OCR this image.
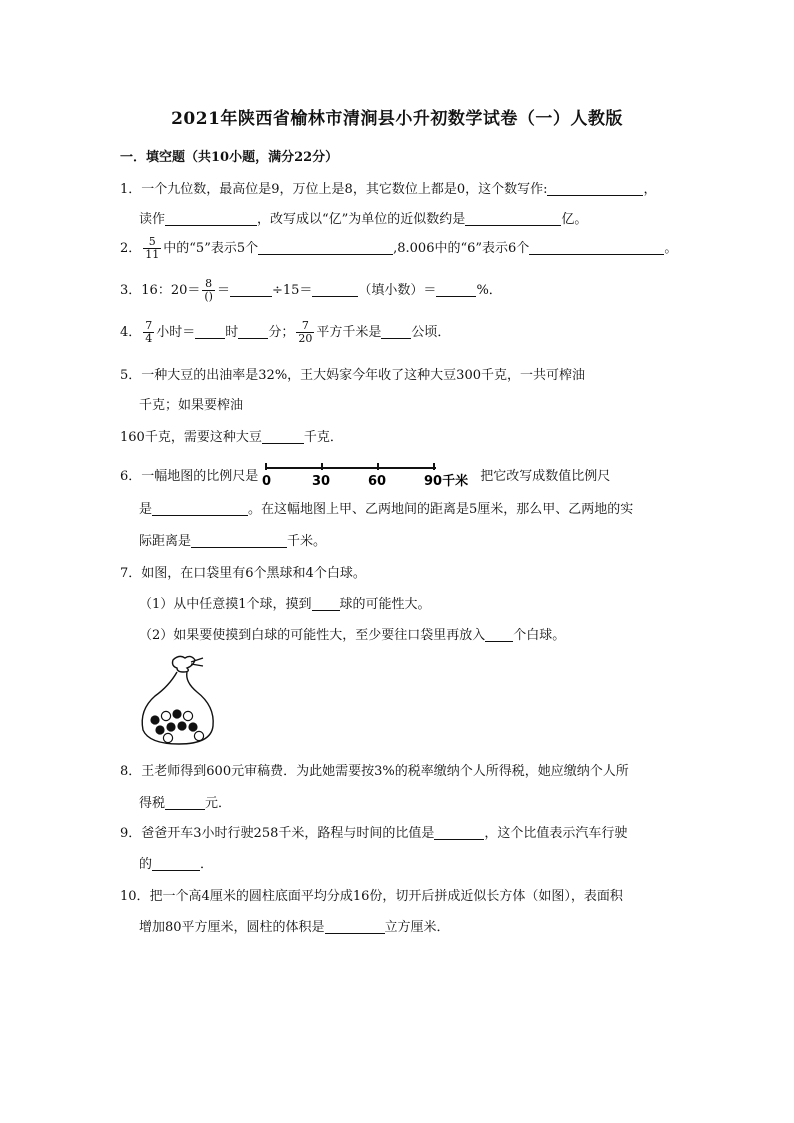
2021年陕西省榆林市清涧县小升初数学试卷（一）人教版
一．填空题（共10小题，满分22分）
1．一个九位数，最高位是9，万位上是8，其它数位上都是0，这个数写作:	，
读作	，改写成以“亿”为单位的近似数约是	亿。
2． $\frac{5}{11}$ 中的“5”表示5个	,8.006中的“6”表示6个	。
3．16：$20= \frac{8}{()}$ ＝	÷15＝	（填小数）＝	%．
4． $\frac{7}{4}$ 小时＝ 时 分； $\frac{7}{20}$ 平方千米是 公顷．
5．一种大豆的出油率是32%，王大妈家今年收了这种大豆300千克，一共可榨油
千克；如果要榨油
160千克，需要这种大豆	千克．
6．一幅地图的比例尺是 0	30	60	90千米 把它改写成数值比例尺
是	。在这幅地图上甲、乙两地间的距离是5厘米，那么甲、乙两地的实
际距离是	千米。
7．如图，在口袋里有6个黑球和4个白球。
（1）从中任意摸1个球，摸到 球的可能性大。
（2）如果要使摸到白球的可能性大，至少要往口袋里再放入 个白球。
8．王老师得到600元审稿费．为此她需要按3%的税率缴纳个人所得税，她应缴纳个人所
得税	元．
9．爸爸开车3小时行驶258千米，路程与时间的比值是	，这个比值表示汽车行驶
的	．
10．把一个高4厘米的圆柱底面平均分成16份，切开后拼成近似长方体（如图），表面积
增加80平方厘米，圆柱的体积是	立方厘米．
